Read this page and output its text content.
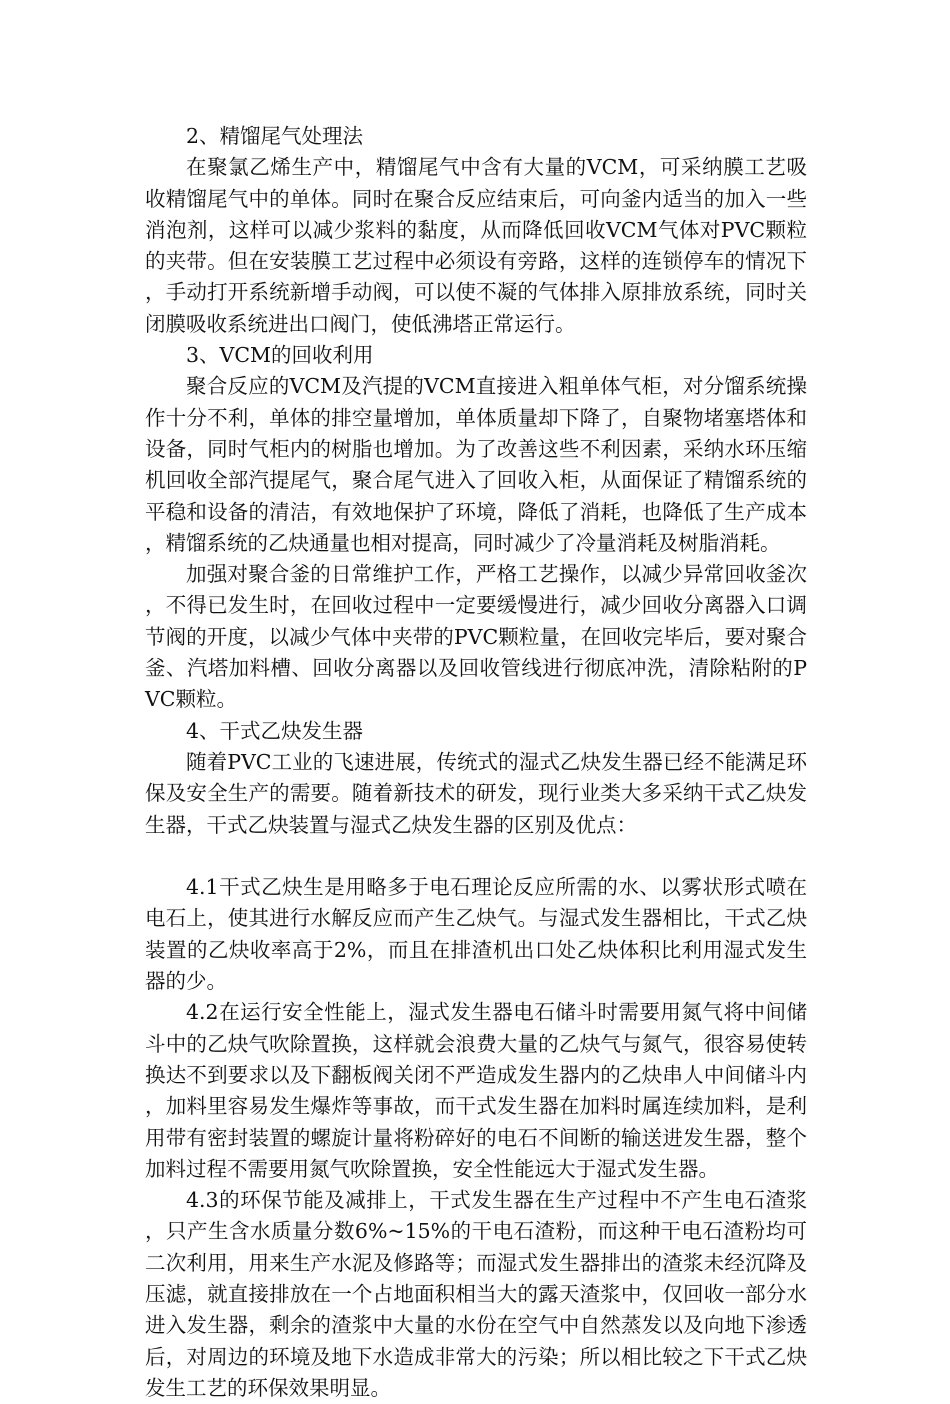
2、精馏尾气处理法

在聚氯乙烯生产中，精馏尾气中含有大量的VCM，可采纳膜工艺吸收精馏尾气中的单体。同时在聚合反应结束后，可向釜内适当的加入一些消泡剂，这样可以减少浆料的黏度，从而降低回收VCM气体对PVC颗粒的夹带。但在安装膜工艺过程中必须设有旁路，这样的连锁停车的情况下，手动打开系统新增手动阀，可以使不凝的气体排入原排放系统，同时关闭膜吸收系统进出口阀门，使低沸塔正常运行。

3、VCM的回收利用

聚合反应的VCM及汽提的VCM直接进入粗单体气柜，对分馏系统操作十分不利，单体的排空量增加，单体质量却下降了，自聚物堵塞塔体和设备，同时气柜内的树脂也增加。为了改善这些不利因素，采纳水环压缩机回收全部汽提尾气，聚合尾气进入了回收入柜，从面保证了精馏系统的平稳和设备的清洁，有效地保护了环境，降低了消耗，也降低了生产成本，精馏系统的乙炔通量也相对提高，同时减少了冷量消耗及树脂消耗。

加强对聚合釜的日常维护工作，严格工艺操作，以减少异常回收釜次，不得已发生时，在回收过程中一定要缓慢进行，减少回收分离器入口调节阀的开度，以减少气体中夹带的PVC颗粒量，在回收完毕后，要对聚合釜、汽塔加料槽、回收分离器以及回收管线进行彻底冲洗，清除粘附的PVC颗粒。

4、干式乙炔发生器

随着PVC工业的飞速进展，传统式的湿式乙炔发生器已经不能满足环保及安全生产的需要。随着新技术的研发，现行业类大多采纳干式乙炔发生器，干式乙炔装置与湿式乙炔发生器的区别及优点：

4.1干式乙炔生是用略多于电石理论反应所需的水、以雾状形式喷在电石上，使其进行水解反应而产生乙炔气。与湿式发生器相比，干式乙炔装置的乙炔收率高于2%，而且在排渣机出口处乙炔体积比利用湿式发生器的少。

4.2在运行安全性能上，湿式发生器电石储斗时需要用氮气将中间储斗中的乙炔气吹除置换，这样就会浪费大量的乙炔气与氮气，很容易使转换达不到要求以及下翻板阀关闭不严造成发生器内的乙炔串人中间储斗内，加料里容易发生爆炸等事故，而干式发生器在加料时属连续加料，是利用带有密封装置的螺旋计量将粉碎好的电石不间断的输送进发生器，整个加料过程不需要用氮气吹除置换，安全性能远大于湿式发生器。

4.3的环保节能及减排上，干式发生器在生产过程中不产生电石渣浆，只产生含水质量分数6%~15%的干电石渣粉，而这种干电石渣粉均可二次利用，用来生产水泥及修路等；而湿式发生器排出的渣浆未经沉降及压滤，就直接排放在一个占地面积相当大的露天渣浆中，仅回收一部分水进入发生器，剩余的渣浆中大量的水份在空气中自然蒸发以及向地下渗透后，对周边的环境及地下水造成非常大的污染；所以相比较之下干式乙炔发生工艺的环保效果明显。
